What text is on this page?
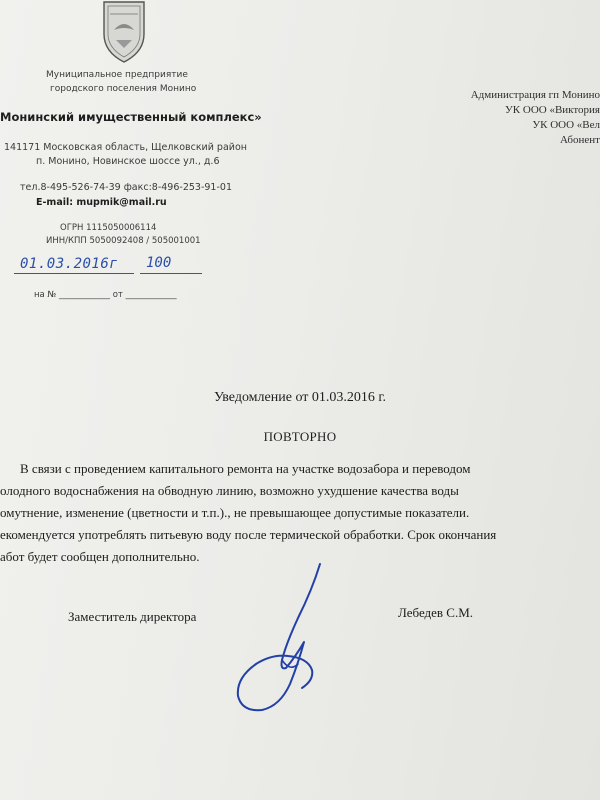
Муниципальное предприятие
городского поселения Монино
Монинский имущественный комплекс»
141171 Московская область, Щелковский район
п. Монино, Новинское шоссе ул., д.6
тел.8-495-526-74-39 факс:8-496-253-91-01
E-mail: mupmik@mail.ru
ОГРН 1115050006114
ИНН/КПП 5050092408 / 505001001
01.03.2016г 100
на № ____________ от ____________
Администрация гп Монино
УК ООО «Виктория
УК ООО «Вел
Абонент
Уведомление от 01.03.2016 г.
ПОВТОРНО
В связи с проведением капитального ремонта на участке водозабора и переводом
олодного водоснабжения на обводную линию, возможно ухудшение качества воды
омутнение, изменение (цветности и т.п.)., не превышающее допустимые показатели.
екомендуется употреблять питьевую воду после термической обработки. Срок окончания
абот будет сообщен дополнительно.
Заместитель директора	Лебедев С.М.
